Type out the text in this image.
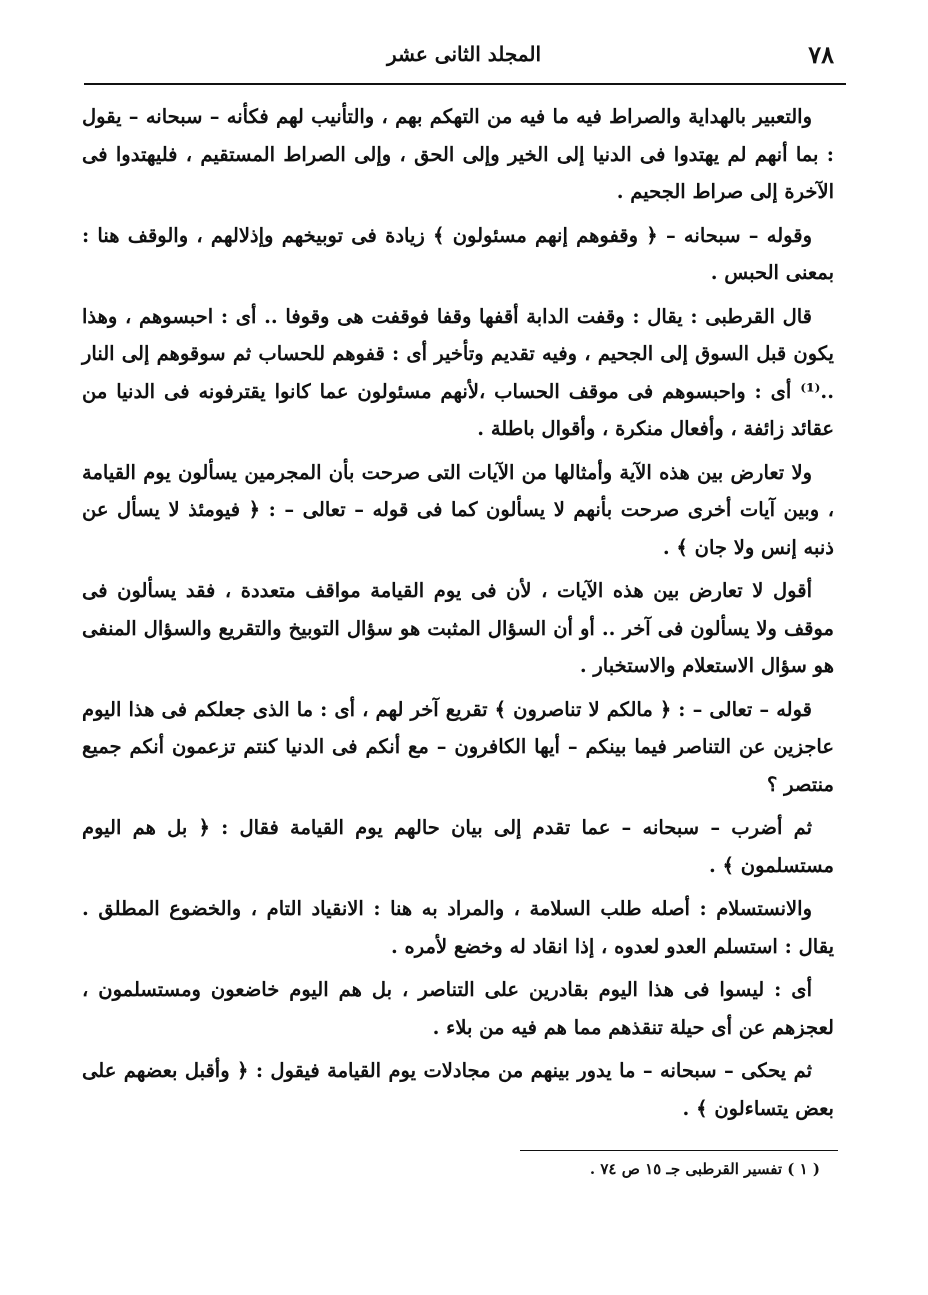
٧٨
المجلد الثانى عشر

والتعبير بالهداية والصراط فيه ما فيه من التهكم بهم ، والتأنيب لهم فكأنه – سبحانه – يقول : بما أنهم لم يهتدوا فى الدنيا إلى الخير وإلى الحق ، وإلى الصراط المستقيم ، فليهتدوا فى الآخرة إلى صراط الجحيم .

وقوله – سبحانه – ﴿ وقفوهم إنهم مسئولون ﴾ زيادة فى توبيخهم وإذلالهم ، والوقف هنا : بمعنى الحبس .

قال القرطبى : يقال : وقفت الدابة أقفها وقفا فوقفت هى وقوفا .. أى : احبسوهم ، وهذا يكون قبل السوق إلى الجحيم ، وفيه تقديم وتأخير أى : قفوهم للحساب ثم سوقوهم إلى النار ..⁽¹⁾ أى : واحبسوهم فى موقف الحساب ،لأنهم مسئولون عما كانوا يقترفونه فى الدنيا من عقائد زائفة ، وأفعال منكرة ، وأقوال باطلة .

ولا تعارض بين هذه الآية وأمثالها من الآيات التى صرحت بأن المجرمين يسألون يوم القيامة ، وبين آيات أخرى صرحت بأنهم لا يسألون كما فى قوله – تعالى – : ﴿ فيومئذ لا يسأل عن ذنبه إنس ولا جان ﴾ .

أقول لا تعارض بين هذه الآيات ، لأن فى يوم القيامة مواقف متعددة ، فقد يسألون فى موقف ولا يسألون فى آخر .. أو أن السؤال المثبت هو سؤال التوبيخ والتقريع والسؤال المنفى هو سؤال الاستعلام والاستخبار .

قوله – تعالى – : ﴿ مالكم لا تناصرون ﴾ تقريع آخر لهم ، أى : ما الذى جعلكم فى هذا اليوم عاجزين عن التناصر فيما بينكم – أيها الكافرون – مع أنكم فى الدنيا كنتم تزعمون أنكم جميع منتصر ؟

ثم أضرب – سبحانه – عما تقدم إلى بيان حالهم يوم القيامة فقال : ﴿ بل هم اليوم مستسلمون ﴾ .

والانستسلام : أصله طلب السلامة ، والمراد به هنا : الانقياد التام ، والخضوع المطلق . يقال : استسلم العدو لعدوه ، إذا انقاد له وخضع لأمره .

أى : ليسوا فى هذا اليوم بقادرين على التناصر ، بل هم اليوم خاضعون ومستسلمون ، لعجزهم عن أى حيلة تنقذهم مما هم فيه من بلاء .

ثم يحكى – سبحانه – ما يدور بينهم من مجادلات يوم القيامة فيقول : ﴿ وأقبل بعضهم على بعض يتساءلون ﴾ .

( ١ ) تفسير القرطبى جـ ١٥ ص ٧٤ .
